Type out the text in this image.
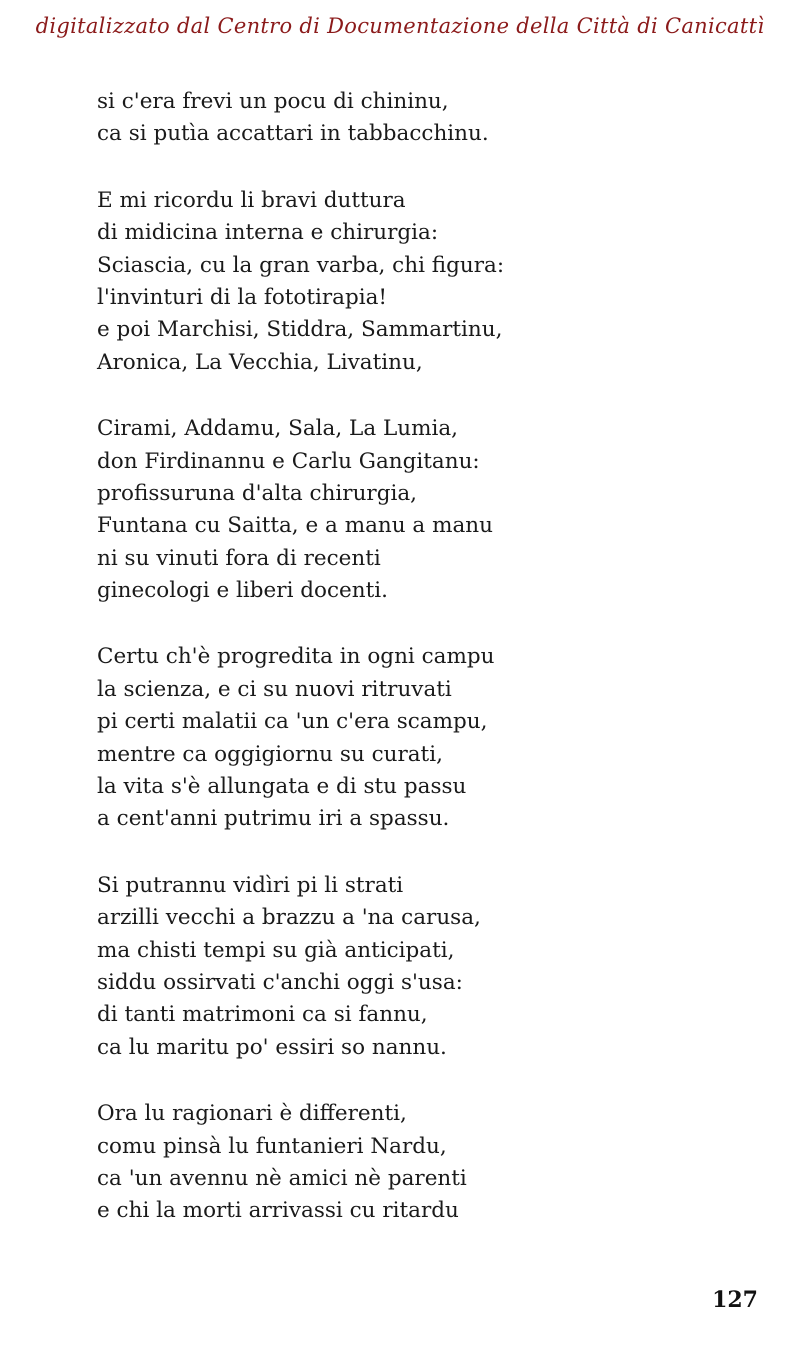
digitalizzato dal Centro di Documentazione della Città di Canicattì
si c'era frevi un pocu di chininu,
ca si putìa accattari in tabbacchinu.
E mi ricordu li bravi duttura
di midicina interna e chirurgia:
Sciascia, cu la gran varba, chi figura:
l'invinturi di la fototirapia!
e poi Marchisi, Stiddra, Sammartinu,
Aronica, La Vecchia, Livatinu,
Cirami, Addamu, Sala, La Lumia,
don Firdinannu e Carlu Gangitanu:
profissuruna d'alta chirurgia,
Funtana cu Saitta, e a manu a manu
ni su vinuti fora di recenti
ginecologi e liberi docenti.
Certu ch'è progredita in ogni campu
la scienza, e ci su nuovi ritruvati
pi certi malatii ca 'un c'era scampu,
mentre ca oggigiornu su curati,
la vita s'è allungata e di stu passu
a cent'anni putrimu iri a spassu.
Si putrannu vidìri pi li strati
arzilli vecchi a brazzu a 'na carusa,
ma chisti tempi su già anticipati,
siddu ossirvati c'anchi oggi s'usa:
di tanti matrimoni ca si fannu,
ca lu maritu po' essiri so nannu.
Ora lu ragionari è differenti,
comu pinsà lu funtanieri Nardu,
ca 'un avennu nè amici nè parenti
e chi la morti arrivassi cu ritardu
127
